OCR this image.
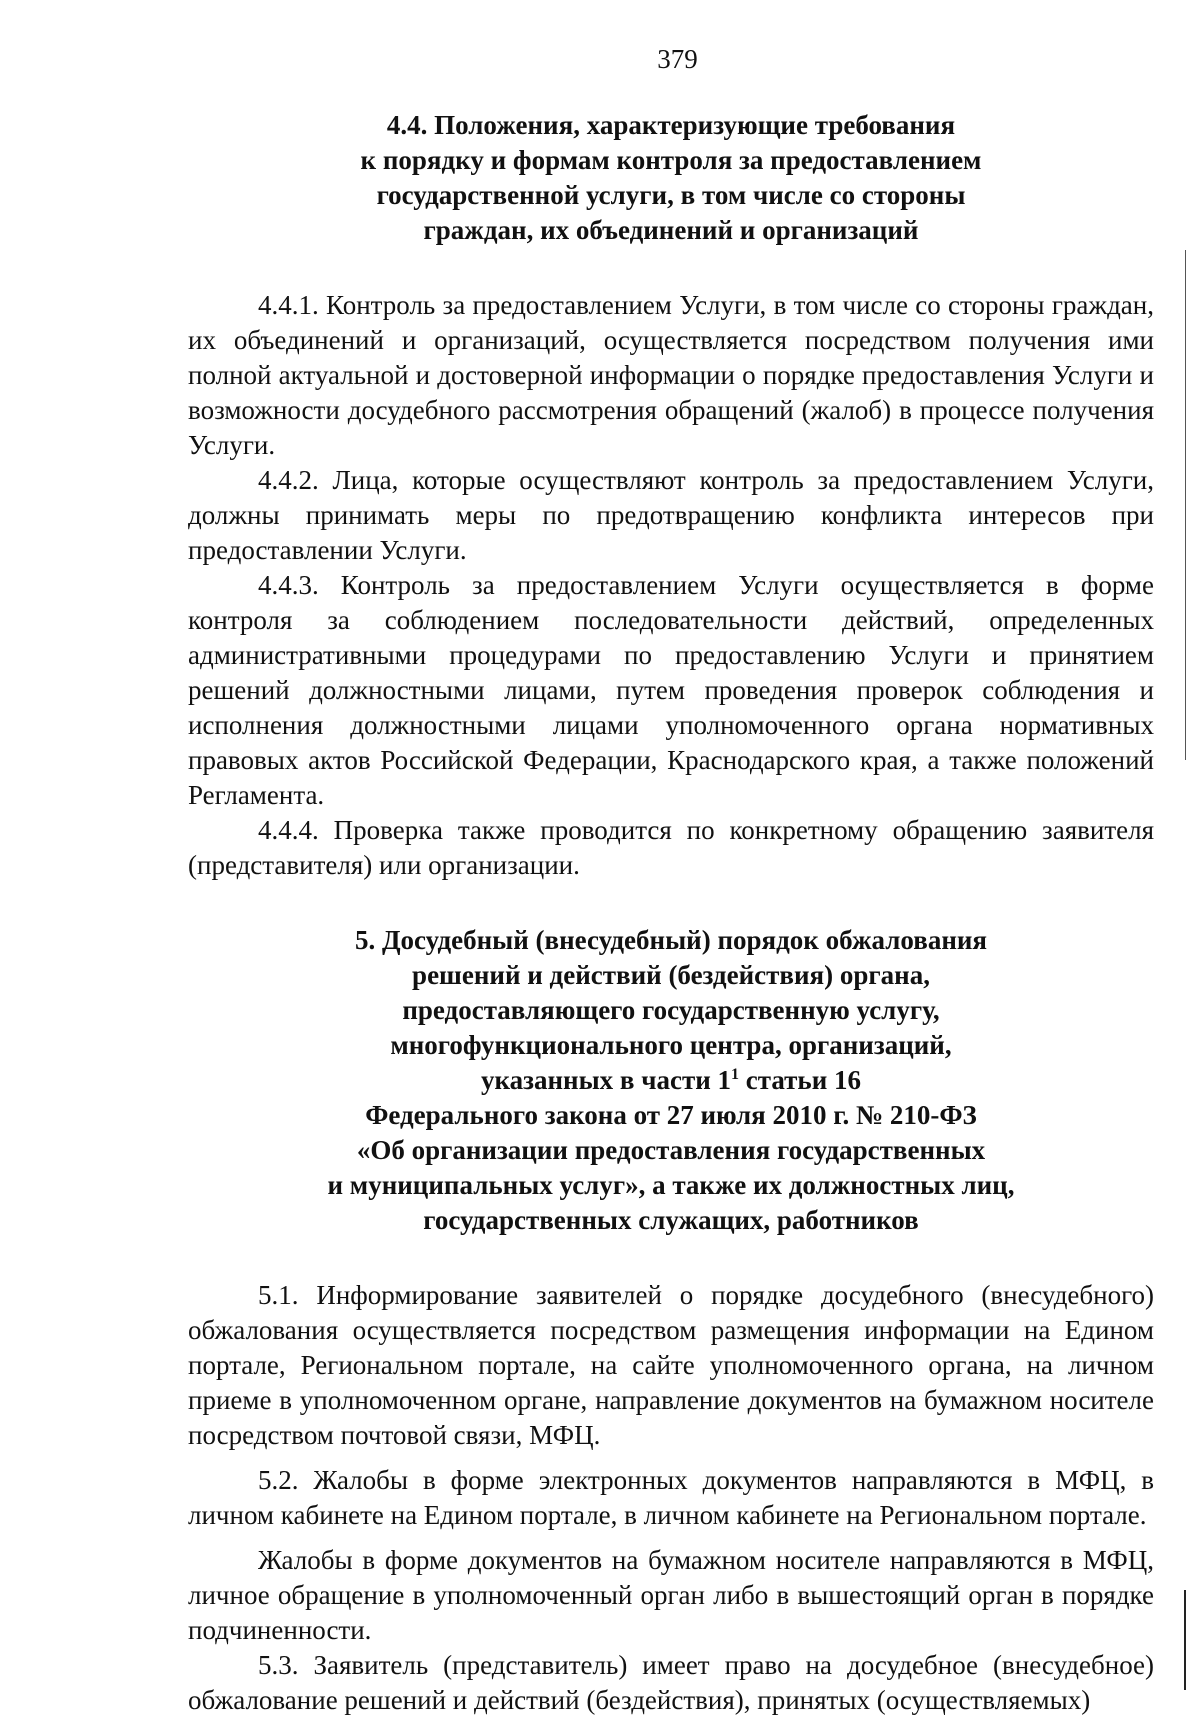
379
4.4. Положения, характеризующие требования
к порядку и формам контроля за предоставлением
государственной услуги, в том числе со стороны
граждан, их объединений и организаций

4.4.1. Контроль за предоставлением Услуги, в том числе со стороны граждан, их объединений и организаций, осуществляется посредством получения ими полной актуальной и достоверной информации о порядке предоставления Услуги и возможности досудебного рассмотрения обращений (жалоб) в процессе получения Услуги.

4.4.2. Лица, которые осуществляют контроль за предоставлением Услуги, должны принимать меры по предотвращению конфликта интересов при предоставлении Услуги.

4.4.3. Контроль за предоставлением Услуги осуществляется в форме контроля за соблюдением последовательности действий, определенных административными процедурами по предоставлению Услуги и принятием решений должностными лицами, путем проведения проверок соблюдения и исполнения должностными лицами уполномоченного органа нормативных правовых актов Российской Федерации, Краснодарского края, а также положений Регламента.

4.4.4. Проверка также проводится по конкретному обращению заявителя (представителя) или организации.

5. Досудебный (внесудебный) порядок обжалования
решений и действий (бездействия) органа,
предоставляющего государственную услугу,
многофункционального центра, организаций,
указанных в части $1^1$ статьи 16
Федерального закона от 27 июля 2010 г. № 210-ФЗ
«Об организации предоставления государственных
и муниципальных услуг», а также их должностных лиц,
государственных служащих, работников

5.1. Информирование заявителей о порядке досудебного (внесудебного) обжалования осуществляется посредством размещения информации на Едином портале, Региональном портале, на сайте уполномоченного органа, на личном приеме в уполномоченном органе, направление документов на бумажном носителе посредством почтовой связи, МФЦ.

5.2. Жалобы в форме электронных документов направляются в МФЦ, в личном кабинете на Едином портале, в личном кабинете на Региональном портале.

Жалобы в форме документов на бумажном носителе направляются в МФЦ, личное обращение в уполномоченный орган либо в вышестоящий орган в порядке подчиненности.

5.3. Заявитель (представитель) имеет право на досудебное (внесудебное) обжалование решений и действий (бездействия), принятых (осуществляемых)
